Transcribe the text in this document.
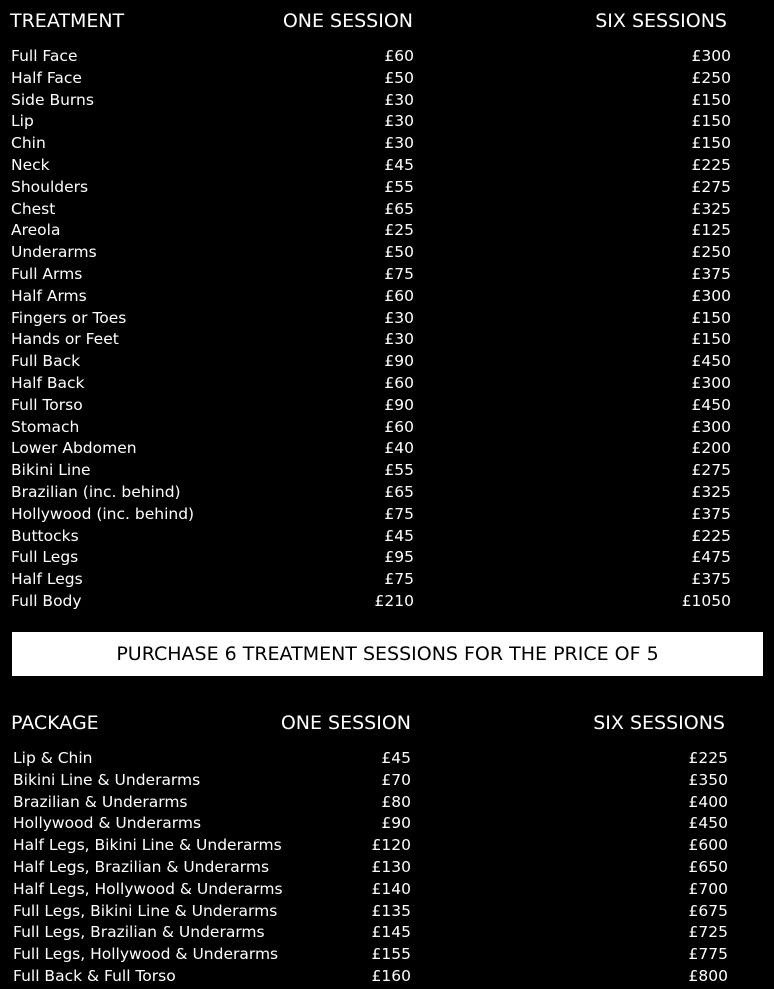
TREATMENT	ONE SESSION	SIX SESSIONS
Full Face	£60	£300
Half Face	£50	£250
Side Burns	£30	£150
Lip	£30	£150
Chin	£30	£150
Neck	£45	£225
Shoulders	£55	£275
Chest	£65	£325
Areola	£25	£125
Underarms	£50	£250
Full Arms	£75	£375
Half Arms	£60	£300
Fingers or Toes	£30	£150
Hands or Feet	£30	£150
Full Back	£90	£450
Half Back	£60	£300
Full Torso	£90	£450
Stomach	£60	£300
Lower Abdomen	£40	£200
Bikini Line	£55	£275
Brazilian (inc. behind)	£65	£325
Hollywood (inc. behind)	£75	£375
Buttocks	£45	£225
Full Legs	£95	£475
Half Legs	£75	£375
Full Body	£210	£1050
PURCHASE 6 TREATMENT SESSIONS FOR THE PRICE OF 5
PACKAGE	ONE SESSION	SIX SESSIONS
Lip & Chin	£45	£225
Bikini Line & Underarms	£70	£350
Brazilian & Underarms	£80	£400
Hollywood & Underarms	£90	£450
Half Legs, Bikini Line & Underarms	£120	£600
Half Legs, Brazilian & Underarms	£130	£650
Half Legs, Hollywood & Underarms	£140	£700
Full Legs, Bikini Line & Underarms	£135	£675
Full Legs, Brazilian & Underarms	£145	£725
Full Legs, Hollywood & Underarms	£155	£775
Full Back & Full Torso	£160	£800
